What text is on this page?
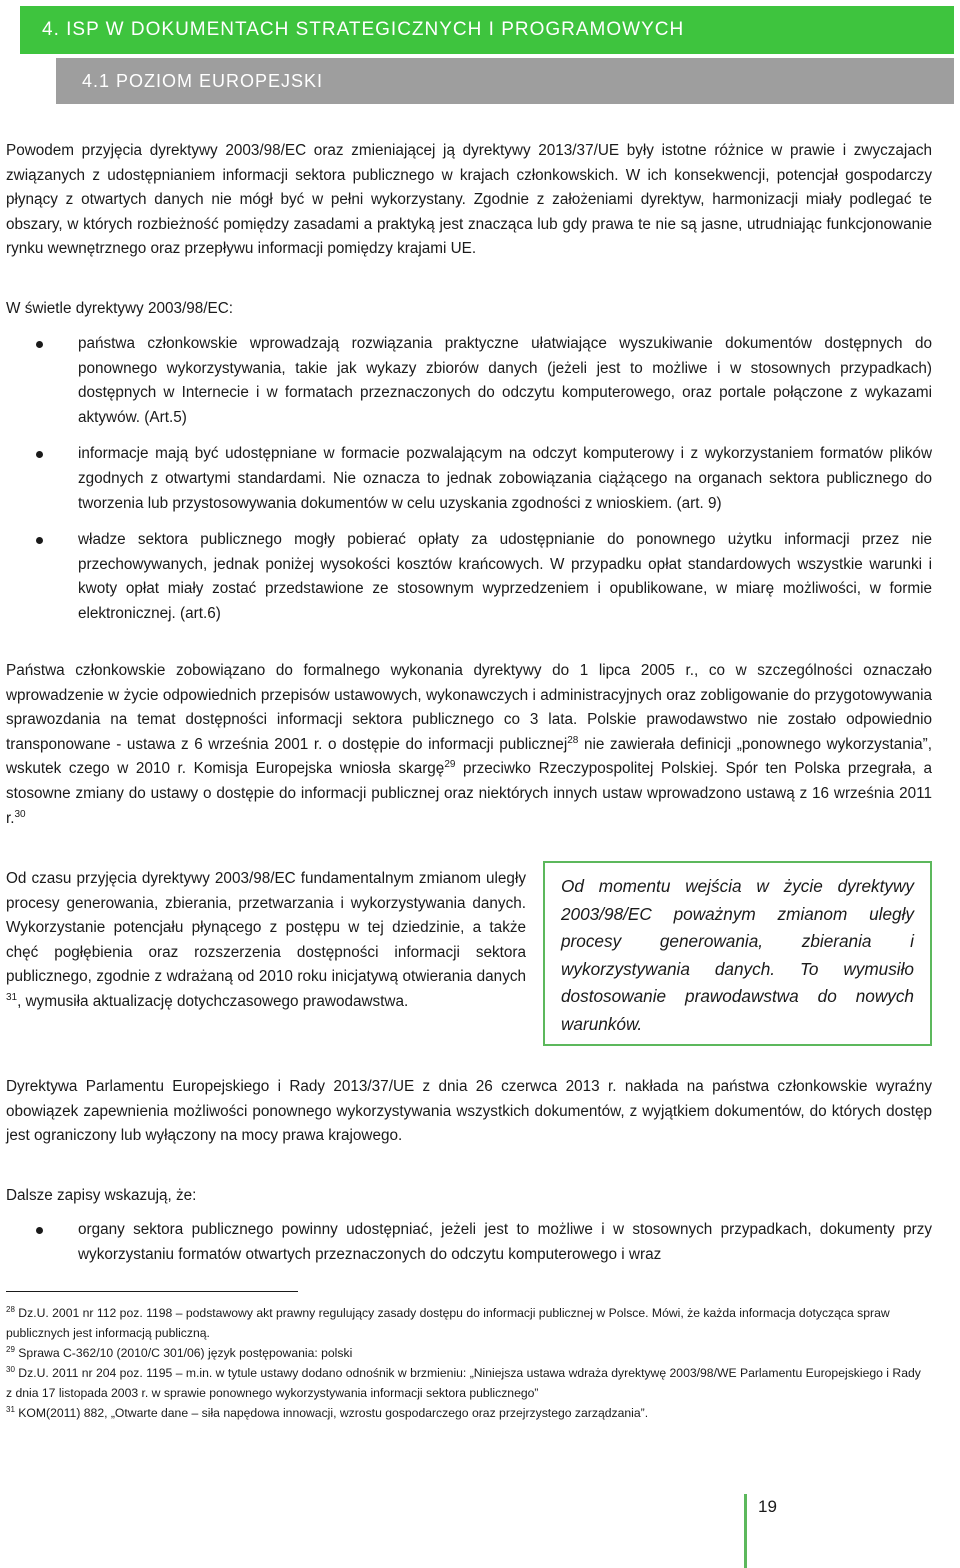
4. ISP W DOKUMENTACH STRATEGICZNYCH I PROGRAMOWYCH
4.1 POZIOM EUROPEJSKI

Powodem przyjęcia dyrektywy 2003/98/EC oraz zmieniającej ją dyrektywy 2013/37/UE były istotne różnice w prawie i zwyczajach związanych z udostępnianiem informacji sektora publicznego w krajach członkowskich. W ich konsekwencji, potencjał gospodarczy płynący z otwartych danych nie mógł być w pełni wykorzystany. Zgodnie z założeniami dyrektyw, harmonizacji miały podlegać te obszary, w których rozbieżność pomiędzy zasadami a praktyką jest znacząca lub gdy prawa te nie są jasne, utrudniając funkcjonowanie rynku wewnętrznego oraz przepływu informacji pomiędzy krajami UE.

W świetle dyrektywy 2003/98/EC:

państwa członkowskie wprowadzają rozwiązania praktyczne ułatwiające wyszukiwanie dokumentów dostępnych do ponownego wykorzystywania, takie jak wykazy zbiorów danych (jeżeli jest to możliwe i w stosownych przypadkach) dostępnych w Internecie i w formatach przeznaczonych do odczytu komputerowego, oraz portale połączone z wykazami aktywów. (Art.5)
informacje mają być udostępniane w formacie pozwalającym na odczyt komputerowy i z wykorzystaniem formatów plików zgodnych z otwartymi standardami. Nie oznacza to jednak zobowiązania ciążącego na organach sektora publicznego do tworzenia lub przystosowywania dokumentów w celu uzyskania zgodności z wnioskiem. (art. 9)
władze sektora publicznego mogły pobierać opłaty za udostępnianie do ponownego użytku informacji przez nie przechowywanych, jednak poniżej wysokości kosztów krańcowych. W przypadku opłat standardowych wszystkie warunki i kwoty opłat miały zostać przedstawione ze stosownym wyprzedzeniem i opublikowane, w miarę możliwości, w formie elektronicznej. (art.6)

Państwa członkowskie zobowiązano do formalnego wykonania dyrektywy do 1 lipca 2005 r., co w szczególności oznaczało wprowadzenie w życie odpowiednich przepisów ustawowych, wykonawczych i administracyjnych oraz zobligowanie do przygotowywania sprawozdania na temat dostępności informacji sektora publicznego co 3 lata. Polskie prawodawstwo nie zostało odpowiednio transponowane - ustawa z 6 września 2001 r. o dostępie do informacji publicznej$^{28}$ nie zawierała definicji „ponownego wykorzystania”, wskutek czego w 2010 r. Komisja Europejska wniosła skargę$^{29}$ przeciwko Rzeczypospolitej Polskiej. Spór ten Polska przegrała, a stosowne zmiany do ustawy o dostępie do informacji publicznej oraz niektórych innych ustaw wprowadzono ustawą z 16 września 2011 r.$^{30}$

Od czasu przyjęcia dyrektywy 2003/98/EC fundamentalnym zmianom uległy procesy generowania, zbierania, przetwarzania i wykorzystywania danych. Wykorzystanie potencjału płynącego z postępu w tej dziedzinie, a także chęć pogłębienia oraz rozszerzenia dostępności informacji sektora publicznego, zgodnie z wdrażaną od 2010 roku inicjatywą otwierania danych $^{31}$, wymusiła aktualizację dotychczasowego prawodawstwa.

Od momentu wejścia w życie dyrektywy 2003/98/EC poważnym zmianom uległy procesy generowania, zbierania i wykorzystywania danych. To wymusiło dostosowanie prawodawstwa do nowych warunków.

Dyrektywa Parlamentu Europejskiego i Rady 2013/37/UE z dnia 26 czerwca 2013 r. nakłada na państwa członkowskie wyraźny obowiązek zapewnienia możliwości ponownego wykorzystywania wszystkich dokumentów, z wyjątkiem dokumentów, do których dostęp jest ograniczony lub wyłączony na mocy prawa krajowego.

Dalsze zapisy wskazują, że:

organy sektora publicznego powinny udostępniać, jeżeli jest to możliwe i w stosownych przypadkach, dokumenty przy wykorzystaniu formatów otwartych przeznaczonych do odczytu komputerowego i wraz

$^{28}$ Dz.U. 2001 nr 112 poz. 1198 – podstawowy akt prawny regulujący zasady dostępu do informacji publicznej w Polsce. Mówi, że każda informacja dotycząca spraw publicznych jest informacją publiczną.

$^{29}$ Sprawa C-362/10 (2010/C 301/06) język postępowania: polski

$^{30}$ Dz.U. 2011 nr 204 poz. 1195 – m.in. w tytule ustawy dodano odnośnik w brzmieniu: „Niniejsza ustawa wdraża dyrektywę 2003/98/WE Parlamentu Europejskiego i Rady z dnia 17 listopada 2003 r. w sprawie ponownego wykorzystywania informacji sektora publicznego”

$^{31}$ KOM(2011) 882, „Otwarte dane – siła napędowa innowacji, wzrostu gospodarczego oraz przejrzystego zarządzania”.

19
